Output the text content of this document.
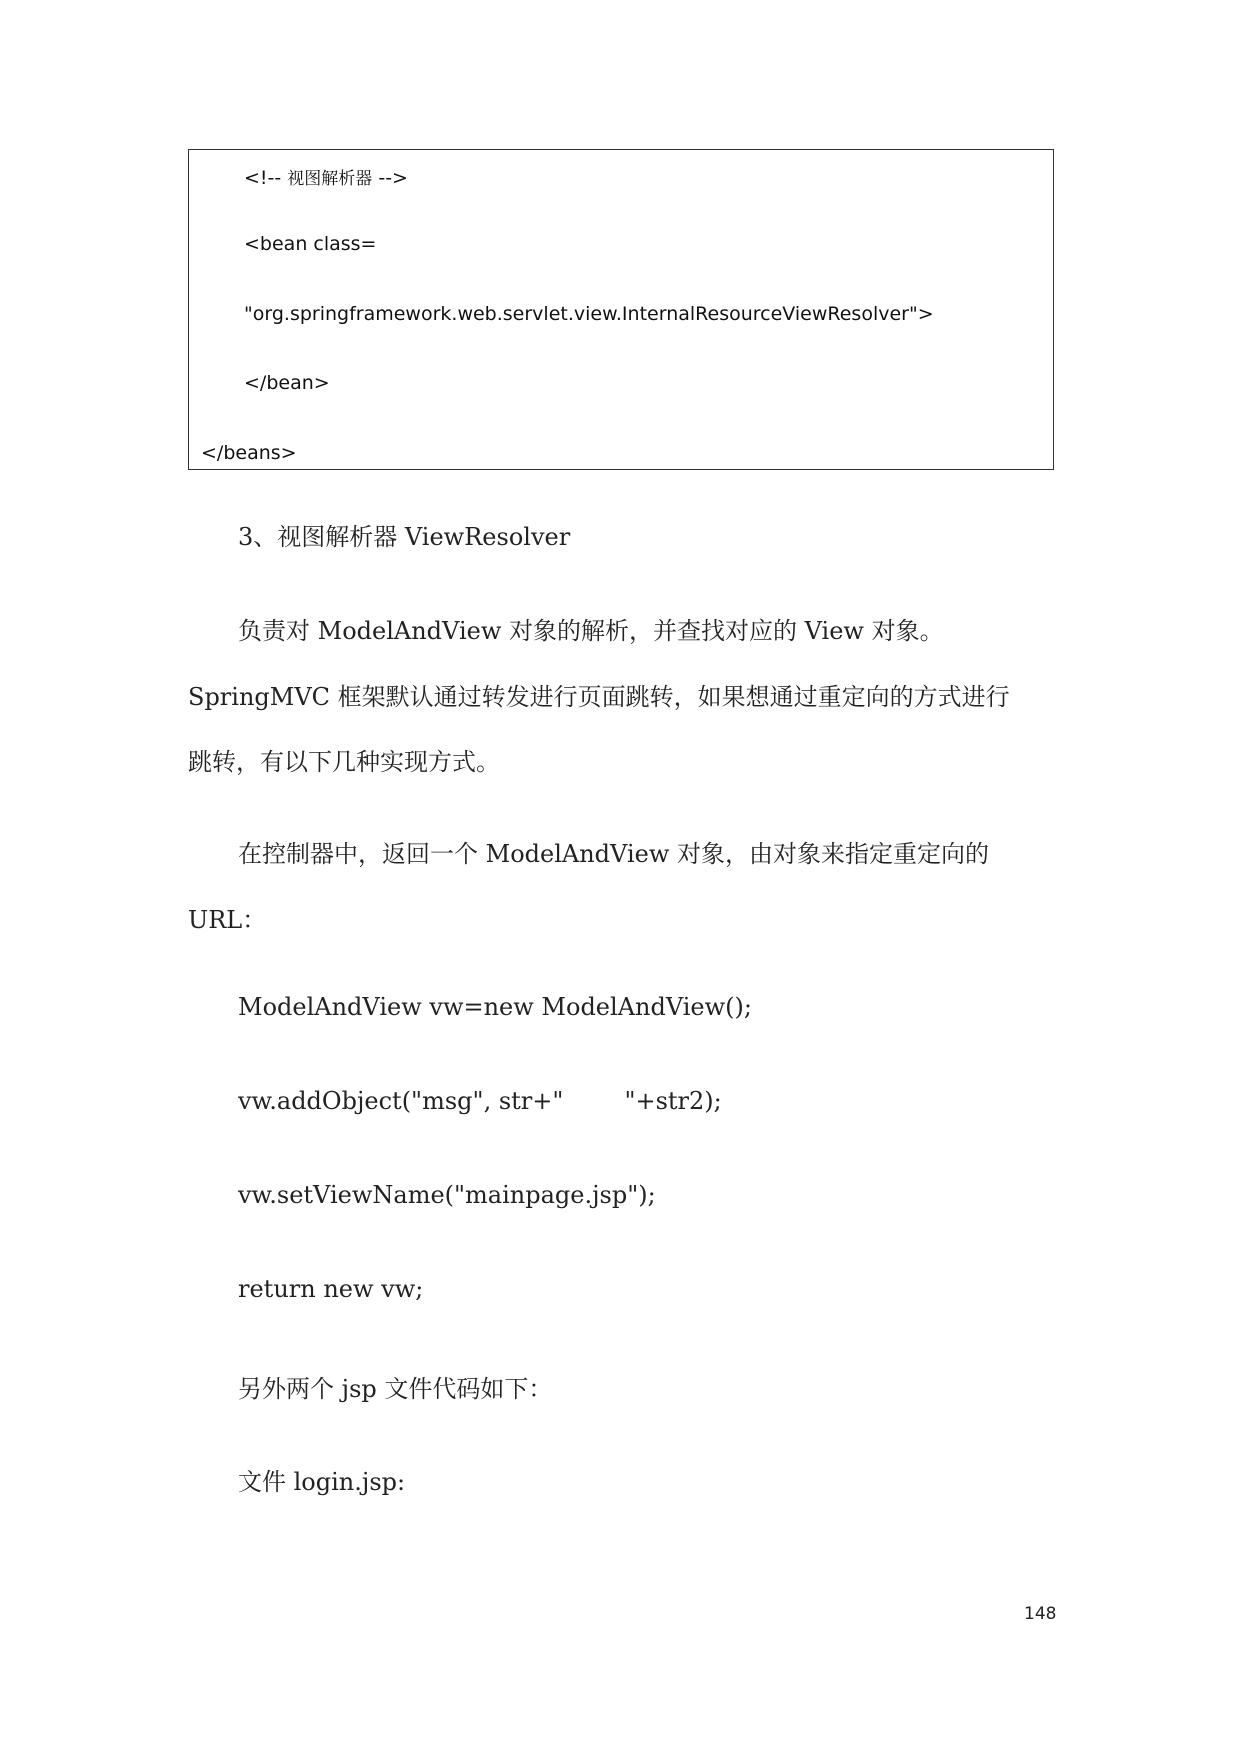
<!-- 视图解析器 -->
<bean class=
"org.springframework.web.servlet.view.InternalResourceViewResolver">
</bean>
</beans>
3、视图解析器 ViewResolver
负责对 ModelAndView 对象的解析，并查找对应的 View 对象。
SpringMVC 框架默认通过转发进行页面跳转，如果想通过重定向的方式进行
跳转，有以下几种实现方式。
在控制器中，返回一个 ModelAndView 对象，由对象来指定重定向的
URL：
ModelAndView vw=new ModelAndView();
vw.addObject("msg", str+"        "+str2);
vw.setViewName("mainpage.jsp");
return new vw;
另外两个 jsp 文件代码如下：
文件 login.jsp:
148
